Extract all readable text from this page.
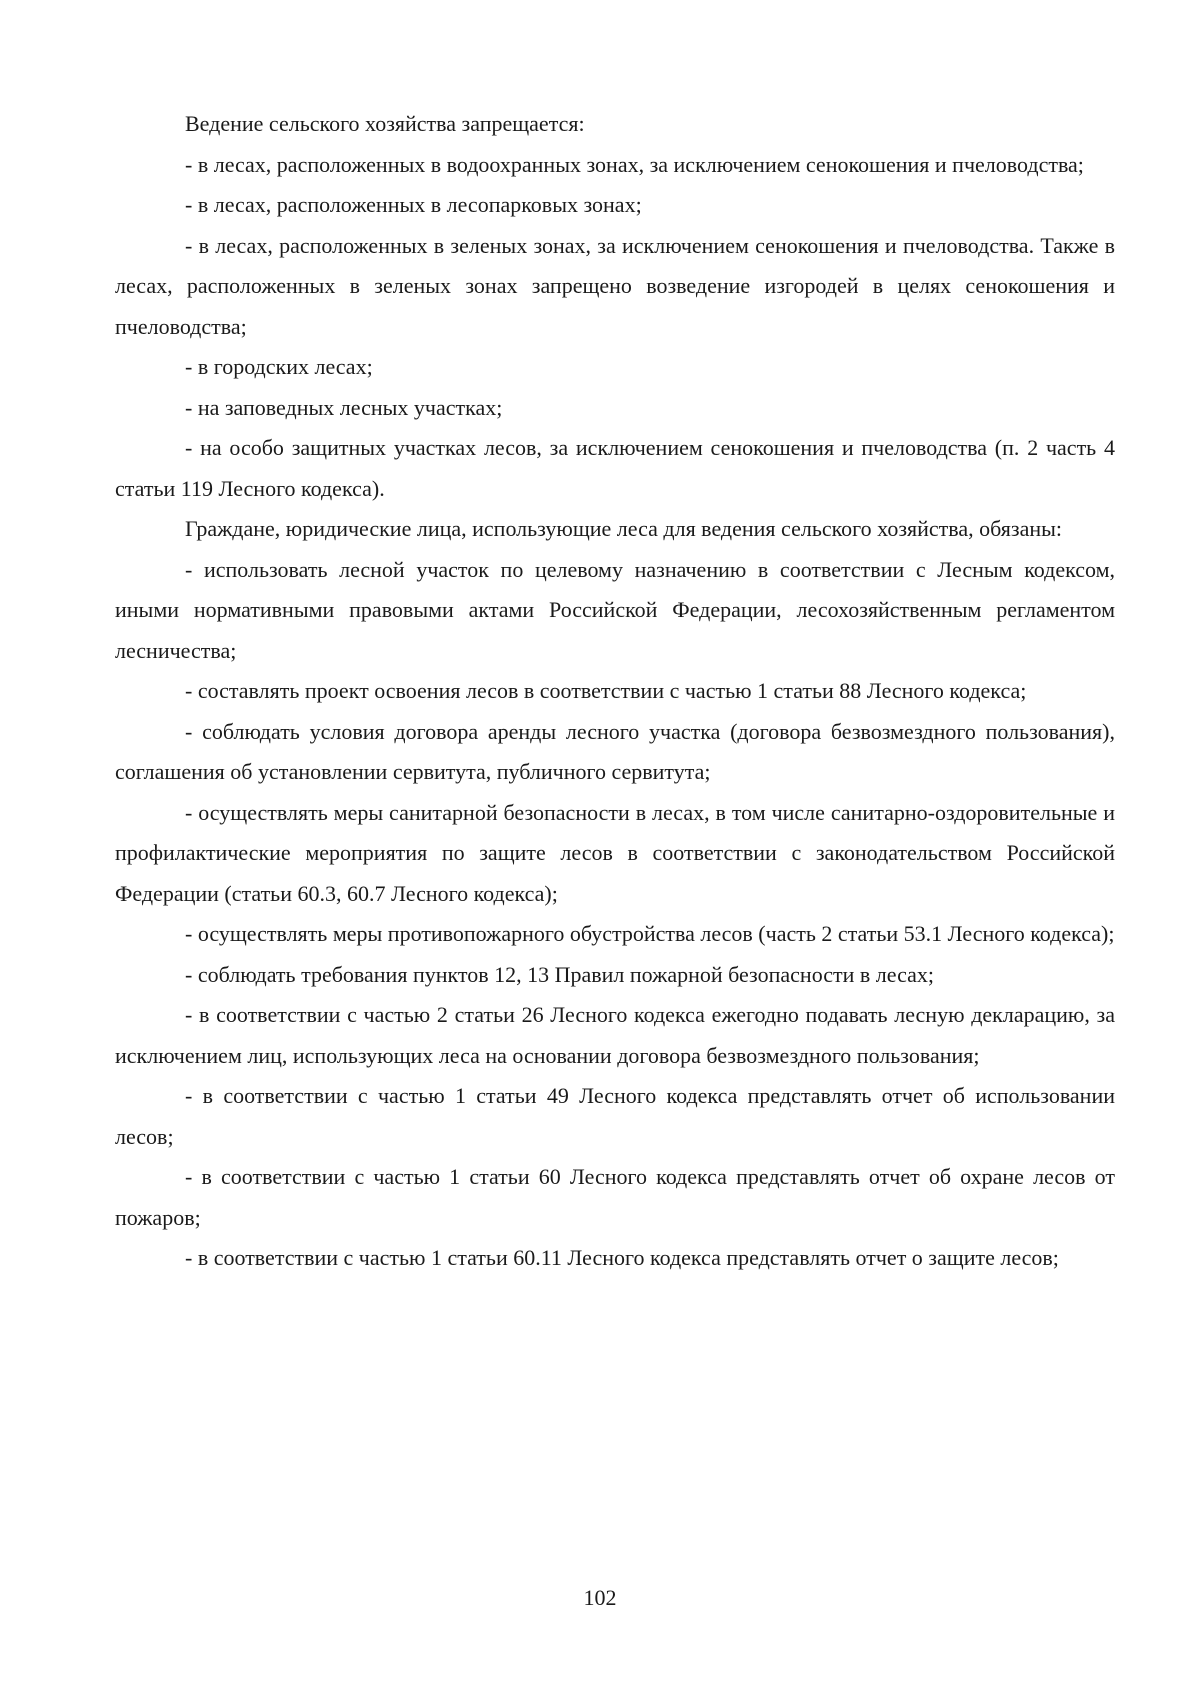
Ведение сельского хозяйства запрещается:

- в лесах, расположенных в водоохранных зонах, за исключением сенокошения и пчеловодства;

- в лесах, расположенных в лесопарковых зонах;

- в лесах, расположенных в зеленых зонах, за исключением сенокошения и пчеловодства. Также в лесах, расположенных в зеленых зонах запрещено возведение изгородей в целях сенокошения и пчеловодства;

- в городских лесах;

- на заповедных лесных участках;

- на особо защитных участках лесов, за исключением сенокошения и пчеловодства (п. 2 часть 4 статьи 119 Лесного кодекса).

Граждане, юридические лица, использующие леса для ведения сельского хозяйства, обязаны:

- использовать лесной участок по целевому назначению в соответствии с Лесным кодексом, иными нормативными правовыми актами Российской Федерации, лесохозяйственным регламентом лесничества;

- составлять проект освоения лесов в соответствии с частью 1 статьи 88 Лесного кодекса;

- соблюдать условия договора аренды лесного участка (договора безвозмездного пользования), соглашения об установлении сервитута, публичного сервитута;

- осуществлять меры санитарной безопасности в лесах, в том числе санитарно-оздоровительные и профилактические мероприятия по защите лесов в соответствии с законодательством Российской Федерации (статьи 60.3, 60.7 Лесного кодекса);

- осуществлять меры противопожарного обустройства лесов (часть 2 статьи 53.1 Лесного кодекса);

- соблюдать требования пунктов 12, 13 Правил пожарной безопасности в лесах;

- в соответствии с частью 2 статьи 26 Лесного кодекса ежегодно подавать лесную декларацию, за исключением лиц, использующих леса на основании договора безвозмездного пользования;

- в соответствии с частью 1 статьи 49 Лесного кодекса представлять отчет об использовании лесов;

- в соответствии с частью 1 статьи 60 Лесного кодекса представлять отчет об охране лесов от пожаров;

- в соответствии с частью 1 статьи 60.11 Лесного кодекса представлять отчет о защите лесов;

102
